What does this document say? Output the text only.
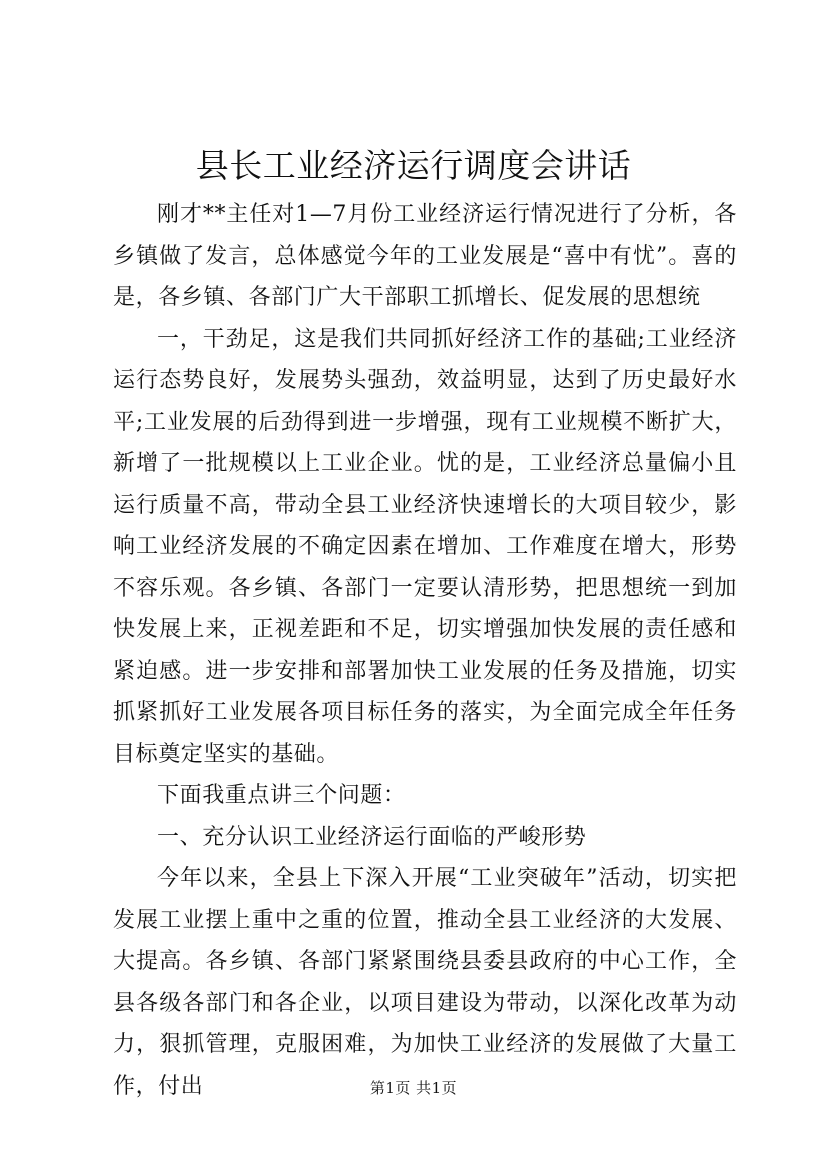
县长工业经济运行调度会讲话

刚才**主任对1—7月份工业经济运行情况进行了分析，各乡镇做了发言，总体感觉今年的工业发展是“喜中有忧”。喜的是，各乡镇、各部门广大干部职工抓增长、促发展的思想统

一，干劲足，这是我们共同抓好经济工作的基础;工业经济运行态势良好，发展势头强劲，效益明显，达到了历史最好水平;工业发展的后劲得到进一步增强，现有工业规模不断扩大，新增了一批规模以上工业企业。忧的是，工业经济总量偏小且运行质量不高，带动全县工业经济快速增长的大项目较少，影响工业经济发展的不确定因素在增加、工作难度在增大，形势不容乐观。各乡镇、各部门一定要认清形势，把思想统一到加快发展上来，正视差距和不足，切实增强加快发展的责任感和紧迫感。进一步安排和部署加快工业发展的任务及措施，切实抓紧抓好工业发展各项目标任务的落实，为全面完成全年任务目标奠定坚实的基础。

下面我重点讲三个问题：

一、充分认识工业经济运行面临的严峻形势

今年以来，全县上下深入开展“工业突破年”活动，切实把发展工业摆上重中之重的位置，推动全县工业经济的大发展、大提高。各乡镇、各部门紧紧围绕县委县政府的中心工作，全县各级各部门和各企业，以项目建设为带动，以深化改革为动力，狠抓管理，克服困难，为加快工业经济的发展做了大量工作，付出	第1页 共1页
